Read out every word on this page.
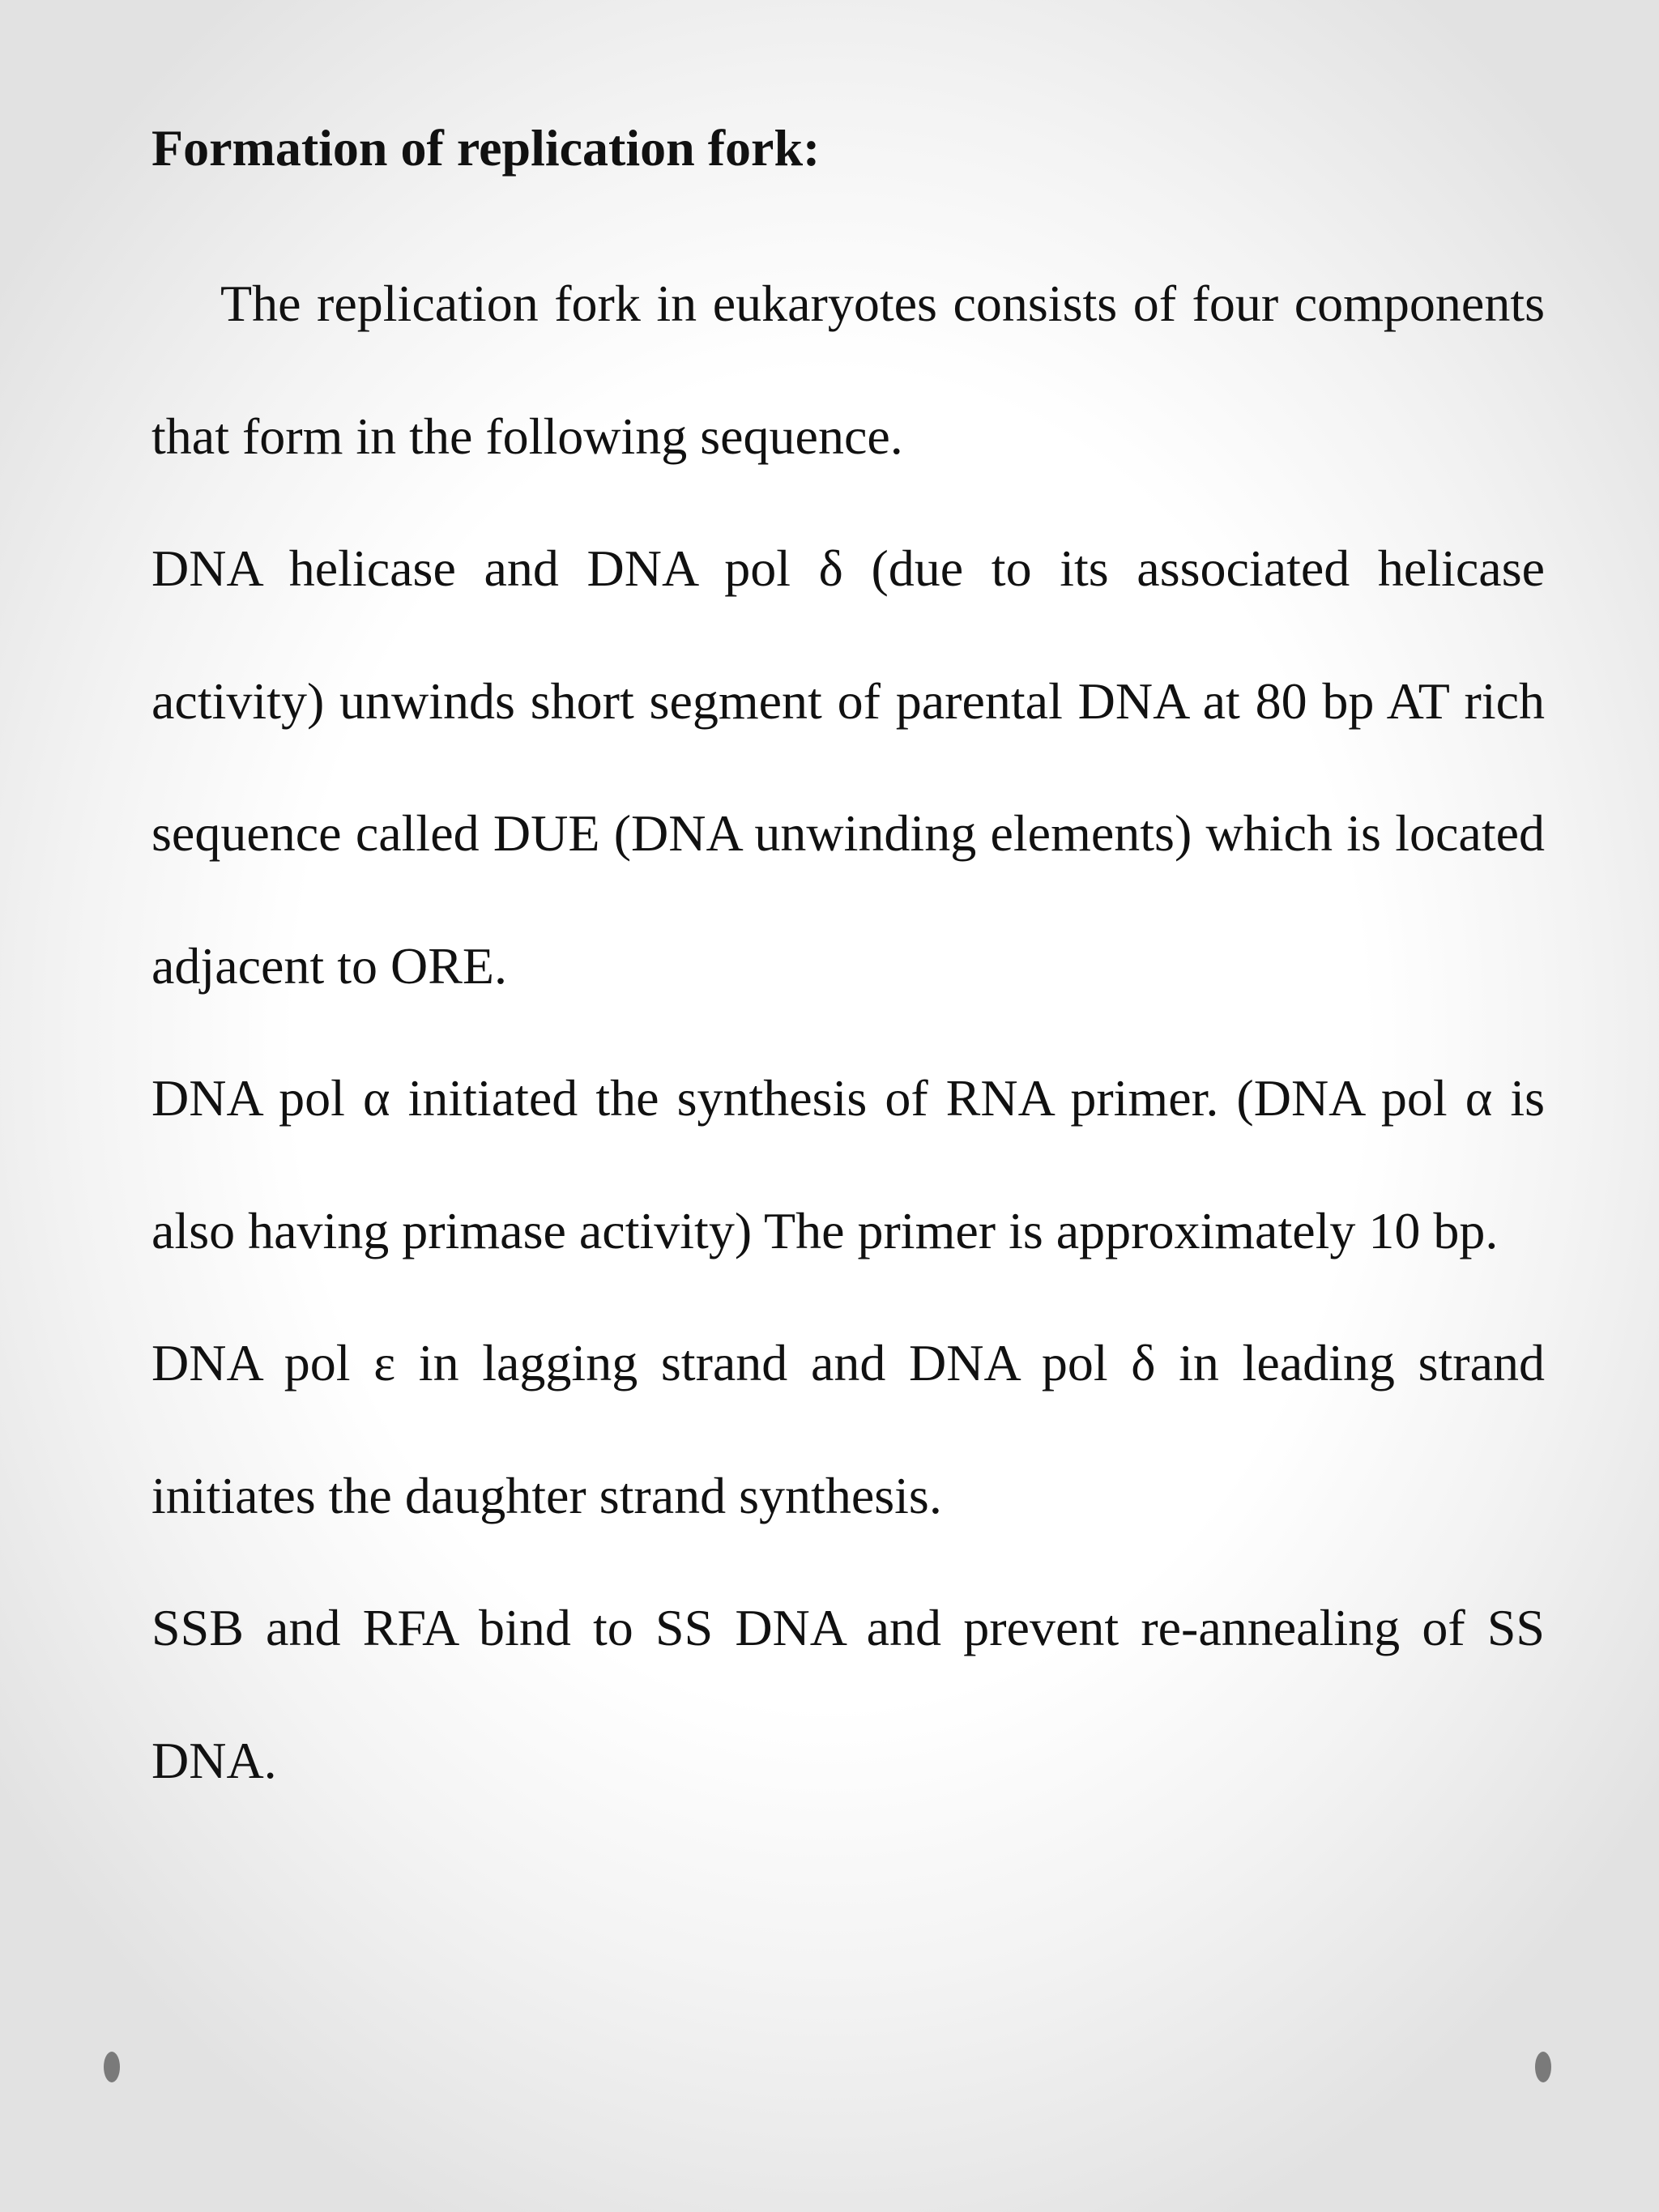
Formation of replication fork:

The replication fork in eukaryotes consists of four components that form in the following sequence.

DNA helicase and DNA pol δ (due to its associated helicase activity) unwinds short segment of parental DNA at 80 bp AT rich sequence called DUE (DNA unwinding elements) which is located adjacent to ORE.

DNA pol α initiated the synthesis of RNA primer. (DNA pol α is also having primase activity) The primer is approximately 10 bp.

DNA pol ε in lagging strand and DNA pol δ in leading strand initiates the daughter strand synthesis.

SSB and RFA bind to SS DNA and prevent re-annealing of SS DNA.
